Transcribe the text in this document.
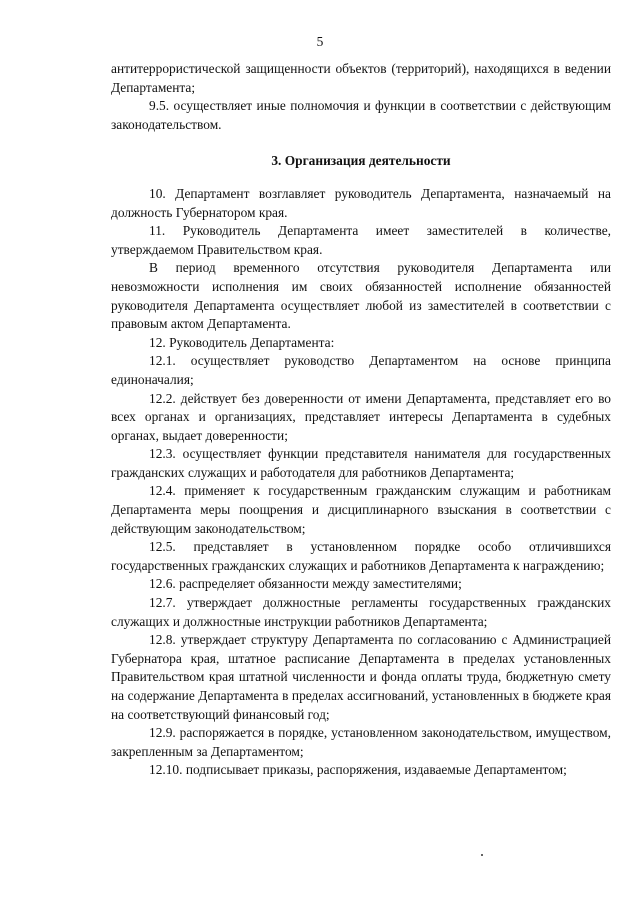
5

антитеррористической защищенности объектов (территорий), находящихся в ведении Департамента;

9.5. осуществляет иные полномочия и функции в соответствии с действующим законодательством.

3. Организация деятельности

10. Департамент возглавляет руководитель Департамента, назначаемый на должность Губернатором края.

11. Руководитель Департамента имеет заместителей в количестве, утверждаемом Правительством края.

В период временного отсутствия руководителя Департамента или невозможности исполнения им своих обязанностей исполнение обязанностей руководителя Департамента осуществляет любой из заместителей в соответствии с правовым актом Департамента.

12. Руководитель Департамента:

12.1. осуществляет руководство Департаментом на основе принципа единоначалия;

12.2. действует без доверенности от имени Департамента, представляет его во всех органах и организациях, представляет интересы Департамента в судебных органах, выдает доверенности;

12.3. осуществляет функции представителя нанимателя для государственных гражданских служащих и работодателя для работников Департамента;

12.4. применяет к государственным гражданским служащим и работникам Департамента меры поощрения и дисциплинарного взыскания в соответствии с действующим законодательством;

12.5. представляет в установленном порядке особо отличившихся государственных гражданских служащих и работников Департамента к награждению;

12.6. распределяет обязанности между заместителями;

12.7. утверждает должностные регламенты государственных гражданских служащих и должностные инструкции работников Департамента;

12.8. утверждает структуру Департамента по согласованию с Администрацией Губернатора края, штатное расписание Департамента в пределах установленных Правительством края штатной численности и фонда оплаты труда, бюджетную смету на содержание Департамента в пределах ассигнований, установленных в бюджете края на соответствующий финансовый год;

12.9. распоряжается в порядке, установленном законодательством, имуществом, закрепленным за Департаментом;

12.10. подписывает приказы, распоряжения, издаваемые Департаментом;
